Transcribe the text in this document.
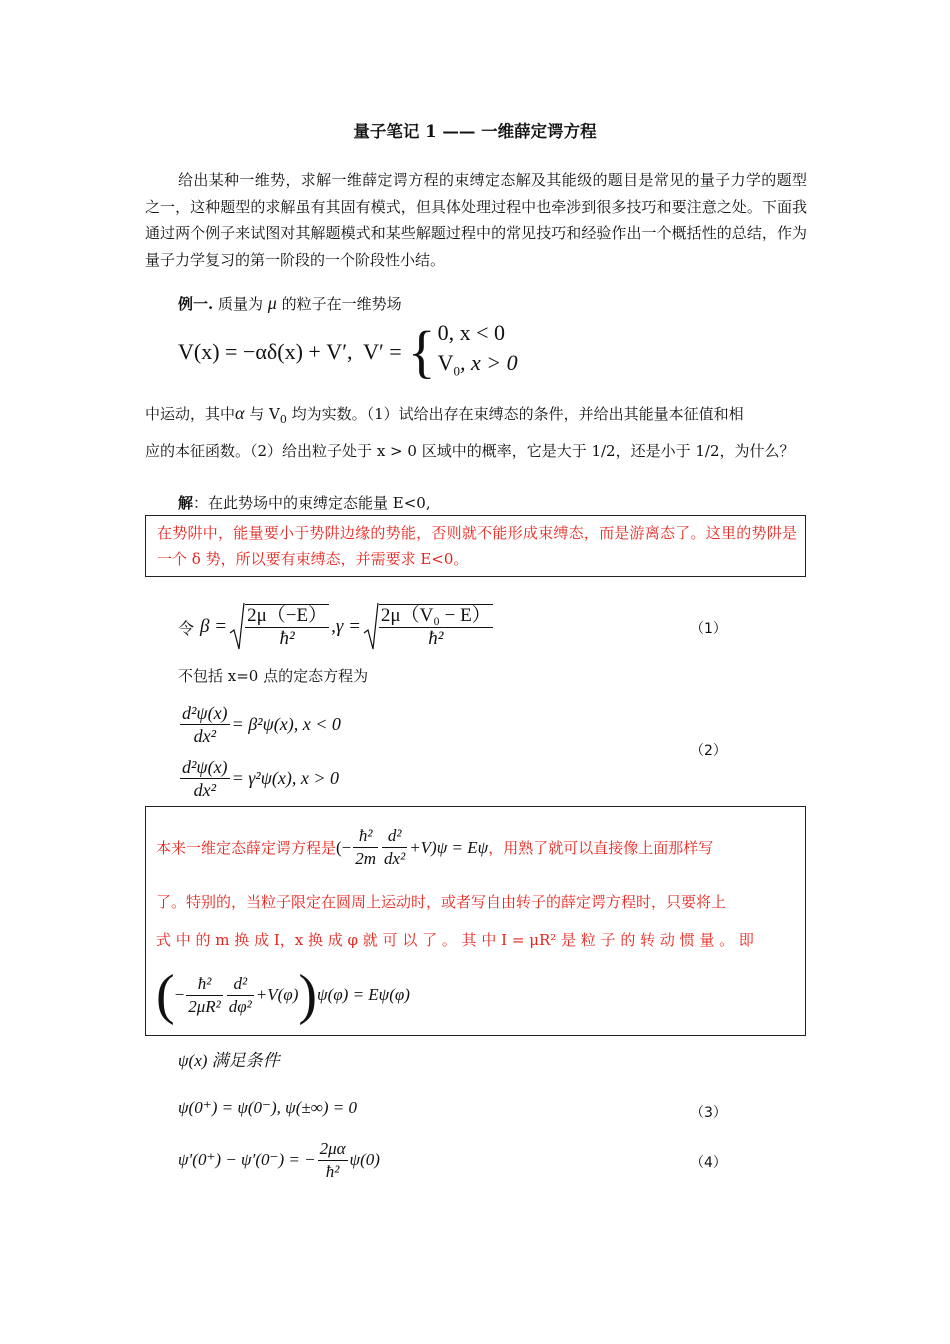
量子笔记 1 —— 一维薛定谔方程
给出某种一维势，求解一维薛定谔方程的束缚定态解及其能级的题目是常见的量子力学的题型之一，这种题型的求解虽有其固有模式，但具体处理过程中也牵涉到很多技巧和要注意之处。下面我通过两个例子来试图对其解题模式和某些解题过程中的常见技巧和经验作出一个概括性的总结，作为量子力学复习的第一阶段的一个阶段性小结。
例一. 质量为 μ 的粒子在一维势场
V(x) = −αδ(x) + V′,  V′ = { 0, x < 0
$V_0$, x > 0
中运动，其中α 与 $V_0$ 均为实数。（1）试给出存在束缚态的条件，并给出其能量本征值和相
应的本征函数。（2）给出粒子处于 x > 0 区域中的概率，它是大于 1/2，还是小于 1/2，为什么？
解：在此势场中的束缚定态能量 E<0,
在势阱中，能量要小于势阱边缘的势能，否则就不能形成束缚态，而是游离态了。这里的势阱是一个 δ 势，所以要有束缚态，并需要求 E<0。
令 $\beta = \frac{2\mu(-E)}{\text{ħ²}} ,\gamma = \frac{\text{2μ（V₀ − E）}}{\text{ħ²}}$	（1）
不包括 x=0 点的定态方程为
$\frac{\text{d²ψ(x)}}{\text{dx²}} = \beta^2\psi(x)$, x < 0
$\frac{\text{d²ψ(x)}}{\text{dx²}} = \gamma^2\psi(x)$, x > 0
（2）
本来一维定态薛定谔方程是 (− $\frac{\text{ħ²}}{2m} \frac{\text{d²}}{\text{dx²}} +V)\psi = E\psi$ ，用熟了就可以直接像上面那样写
了。特别的，当粒子限定在圆周上运动时，或者写自由转子的薛定谔方程时，只要将上
式 中 的 m 换 成 I，x 换 成 φ 就 可 以 了 。 其 中 I = μR² 是 粒 子 的 转 动 惯 量 。 即
( − $\frac{\text{ħ²}}{\text{2μR²}} \frac{\text{d²}}{\text{dφ²}} +V(\varphi)$ ) ψ(φ) = Eψ(φ)
ψ(x) 满足条件
ψ(0⁺) = ψ(0⁻), ψ(±∞) = 0	（3）
ψ′(0⁺) − ψ′(0⁻) = − $\frac{2\mu\alpha}{\text{ħ²}} \psi(0)$	（4）
